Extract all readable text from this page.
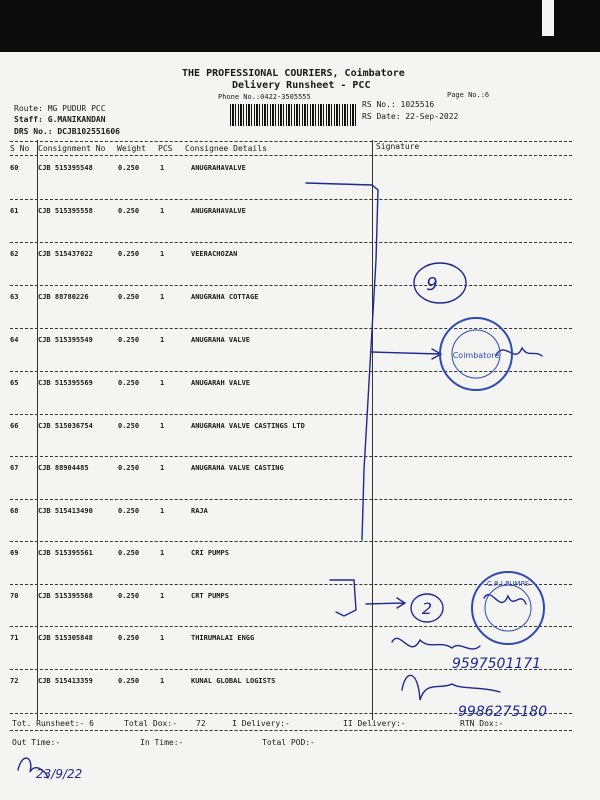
THE PROFESSIONAL COURIERS, Coimbatore
Delivery Runsheet - PCC
Phone No.:0422-3505555	Page No.:6
RS No.: 1025516
RS Date: 22-Sep-2022
Route: MG PUDUR PCC
Staff: G.MANIKANDAN
DRS No.: DCJB102551606
S No Consignment No Weight PCS Consignee Details	Signature
60	CJB 515395548	0.250	1	ANUGRAHAVALVE
61	CJB 515395558	0.250	1	ANUGRAHAVALVE
62	CJB 515437022	0.250	1	VEERACHOZAN
63	CJB 88780226	0.250	1	ANUGRAHA COTTAGE
64	CJB 515395549	0.250	1	ANUGRAHA VALVE
65	CJB 515395569	0.250	1	ANUGARAH VALVE
66	CJB 515036754	0.250	1	ANUGRAHA VALVE CASTINGS LTD
67	CJB 88904485	0.250	1	ANUGRAHA VALVE CASTING
68	CJB 515413490	0.250	1	RAJA
69	CJB 515395561	0.250	1	CRI PUMPS
70	CJB 515395568	0.250	1	CRT PUMPS
71	CJB 515305848	0.250	1	THIRUMALAI ENGG
72	CJB 515413359	0.250	1	KUNAL GLOBAL LOGISTS
Tot. Runsheet:- 6	Total Dox:- 72	I Delivery:-	II Delivery:-	RTN Dox:-
Out Time:-	In Time:-	Total POD:-
Coimbatore
C.R.I PUMPS
9
2
9597501171
9986275180
23/9/22
